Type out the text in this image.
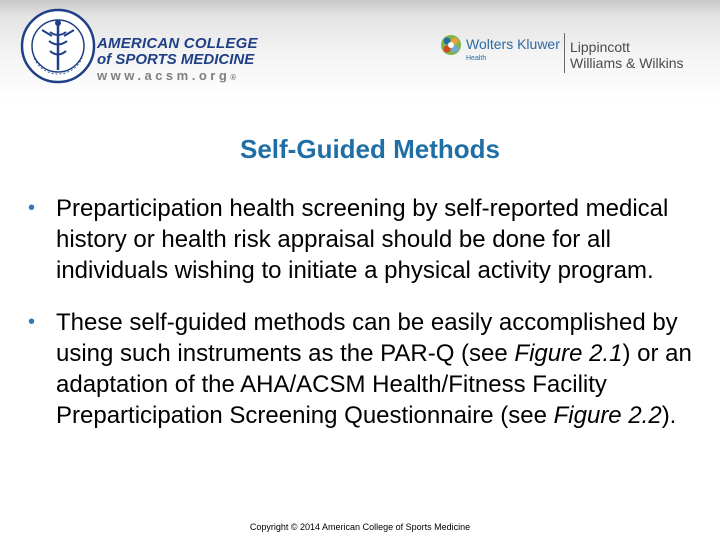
AMERICAN COLLEGE
of SPORTS MEDICINE
www.acsm.org®
Wolters Kluwer
Health
Lippincott
Williams & Wilkins
Self-Guided Methods
• Preparticipation health screening by self-reported medical history or health risk appraisal should be done for all individuals wishing to initiate a physical activity program.
• These self-guided methods can be easily accomplished by using such instruments as the PAR-Q (see Figure 2.1) or an adaptation of the AHA/ACSM Health/Fitness Facility Preparticipation Screening Questionnaire (see Figure 2.2).
Copyright © 2014 American College of Sports Medicine
